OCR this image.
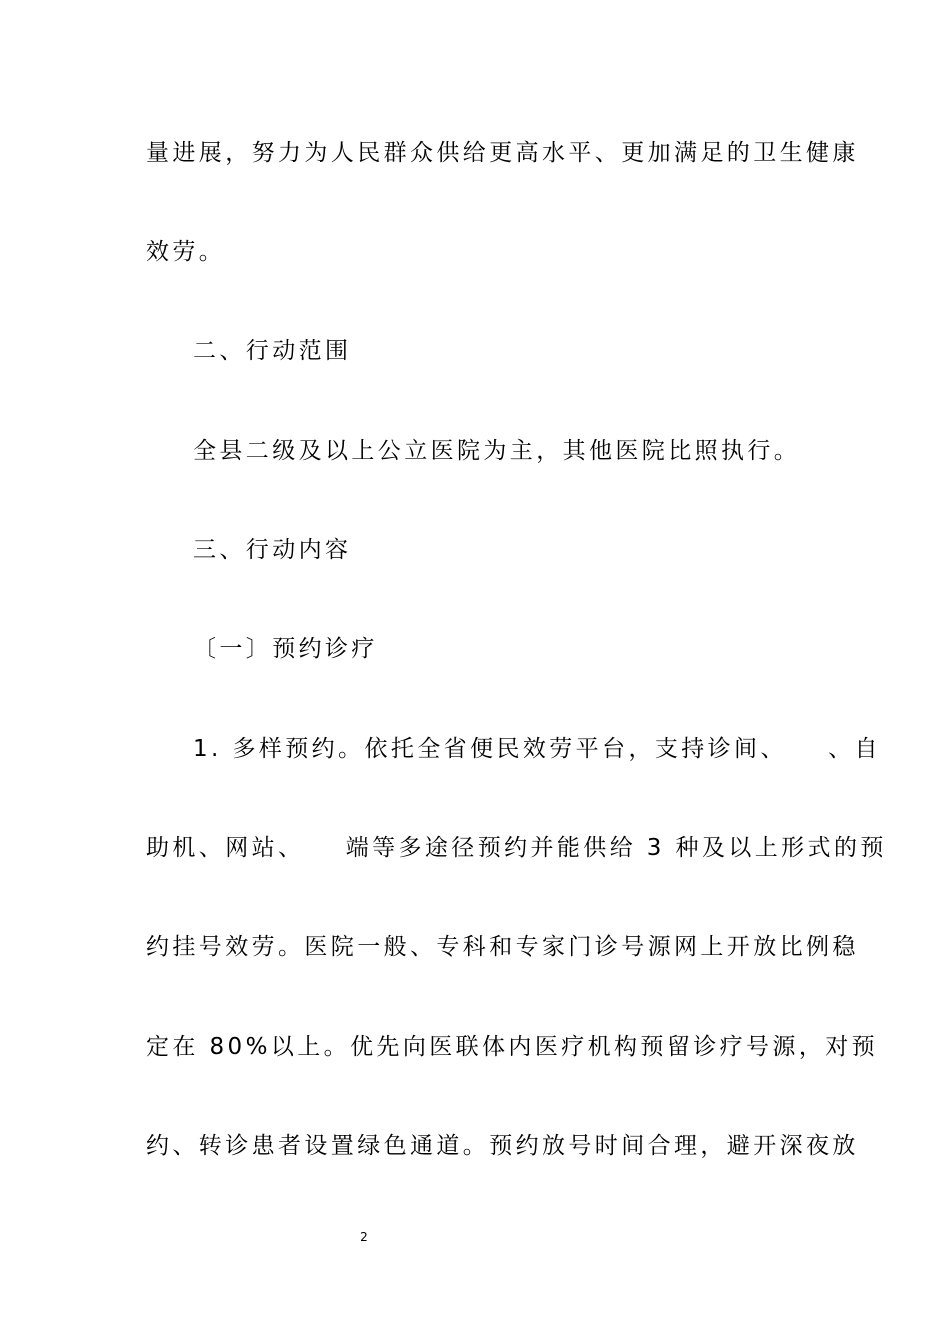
量进展，努力为人民群众供给更高水平、更加满足的卫生健康
效劳。
二、行动范围
全县二级及以上公立医院为主，其他医院比照执行。
三、行动内容
〔一〕预约诊疗
1. 多样预约。依托全省便民效劳平台，支持诊间、　　、自
助机、网站、　　端等多途径预约并能供给 3 种及以上形式的预
约挂号效劳。医院一般、专科和专家门诊号源网上开放比例稳
定在 80%以上。优先向医联体内医疗机构预留诊疗号源，对预
约、转诊患者设置绿色通道。预约放号时间合理，避开深夜放
2
